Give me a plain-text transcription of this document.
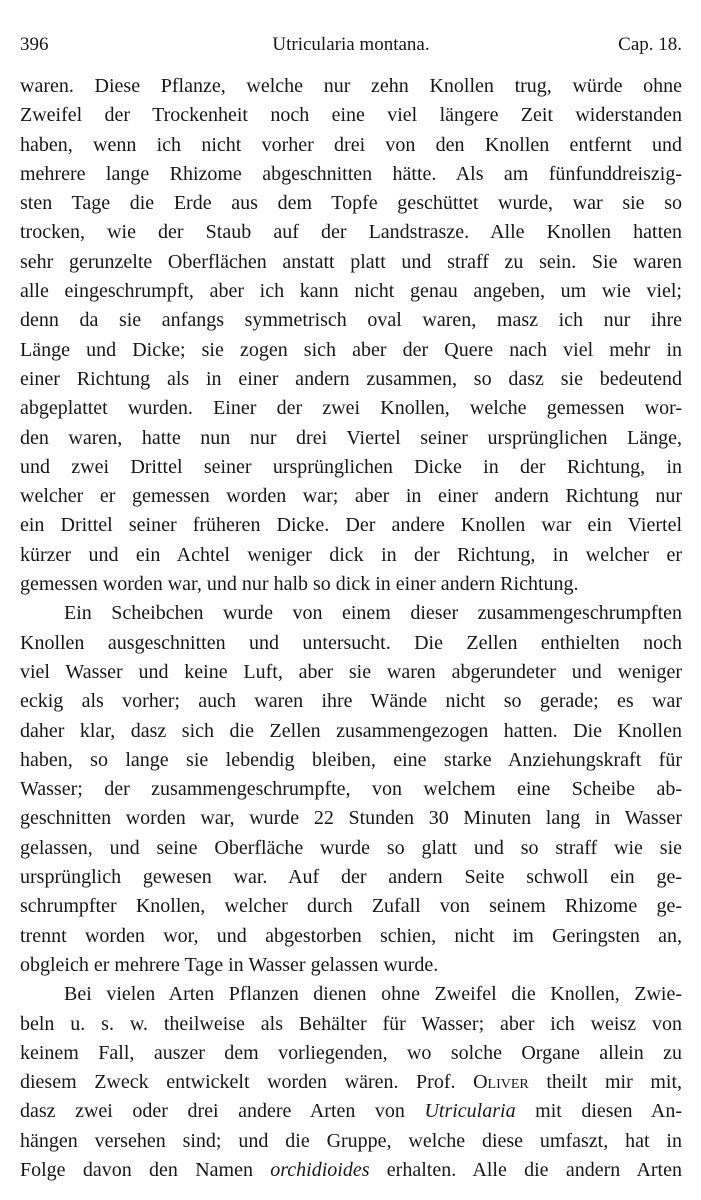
396	Utricularia montana.	Cap. 18.
waren. Diese Pflanze, welche nur zehn Knollen trug, würde ohne
Zweifel der Trockenheit noch eine viel längere Zeit widerstanden
haben, wenn ich nicht vorher drei von den Knollen entfernt und
mehrere lange Rhizome abgeschnitten hätte. Als am fünfunddreiszig-
sten Tage die Erde aus dem Topfe geschüttet wurde, war sie so
trocken, wie der Staub auf der Landstrasze. Alle Knollen hatten
sehr gerunzelte Oberflächen anstatt platt und straff zu sein. Sie waren
alle eingeschrumpft, aber ich kann nicht genau angeben, um wie viel;
denn da sie anfangs symmetrisch oval waren, masz ich nur ihre
Länge und Dicke; sie zogen sich aber der Quere nach viel mehr in
einer Richtung als in einer andern zusammen, so dasz sie bedeutend
abgeplattet wurden. Einer der zwei Knollen, welche gemessen wor-
den waren, hatte nun nur drei Viertel seiner ursprünglichen Länge,
und zwei Drittel seiner ursprünglichen Dicke in der Richtung, in
welcher er gemessen worden war; aber in einer andern Richtung nur
ein Drittel seiner früheren Dicke. Der andere Knollen war ein Viertel
kürzer und ein Achtel weniger dick in der Richtung, in welcher er
gemessen worden war, und nur halb so dick in einer andern Richtung.
Ein Scheibchen wurde von einem dieser zusammengeschrumpften
Knollen ausgeschnitten und untersucht. Die Zellen enthielten noch
viel Wasser und keine Luft, aber sie waren abgerundeter und weniger
eckig als vorher; auch waren ihre Wände nicht so gerade; es war
daher klar, dasz sich die Zellen zusammengezogen hatten. Die Knollen
haben, so lange sie lebendig bleiben, eine starke Anziehungskraft für
Wasser; der zusammengeschrumpfte, von welchem eine Scheibe ab-
geschnitten worden war, wurde 22 Stunden 30 Minuten lang in Wasser
gelassen, und seine Oberfläche wurde so glatt und so straff wie sie
ursprünglich gewesen war. Auf der andern Seite schwoll ein ge-
schrumpfter Knollen, welcher durch Zufall von seinem Rhizome ge-
trennt worden wor, und abgestorben schien, nicht im Geringsten an,
obgleich er mehrere Tage in Wasser gelassen wurde.
Bei vielen Arten Pflanzen dienen ohne Zweifel die Knollen, Zwie-
beln u. s. w. theilweise als Behälter für Wasser; aber ich weisz von
keinem Fall, auszer dem vorliegenden, wo solche Organe allein zu
diesem Zweck entwickelt worden wären. Prof. Oliver theilt mir mit,
dasz zwei oder drei andere Arten von Utricularia mit diesen An-
hängen versehen sind; und die Gruppe, welche diese umfaszt, hat in
Folge davon den Namen orchidioides erhalten. Alle die andern Arten
